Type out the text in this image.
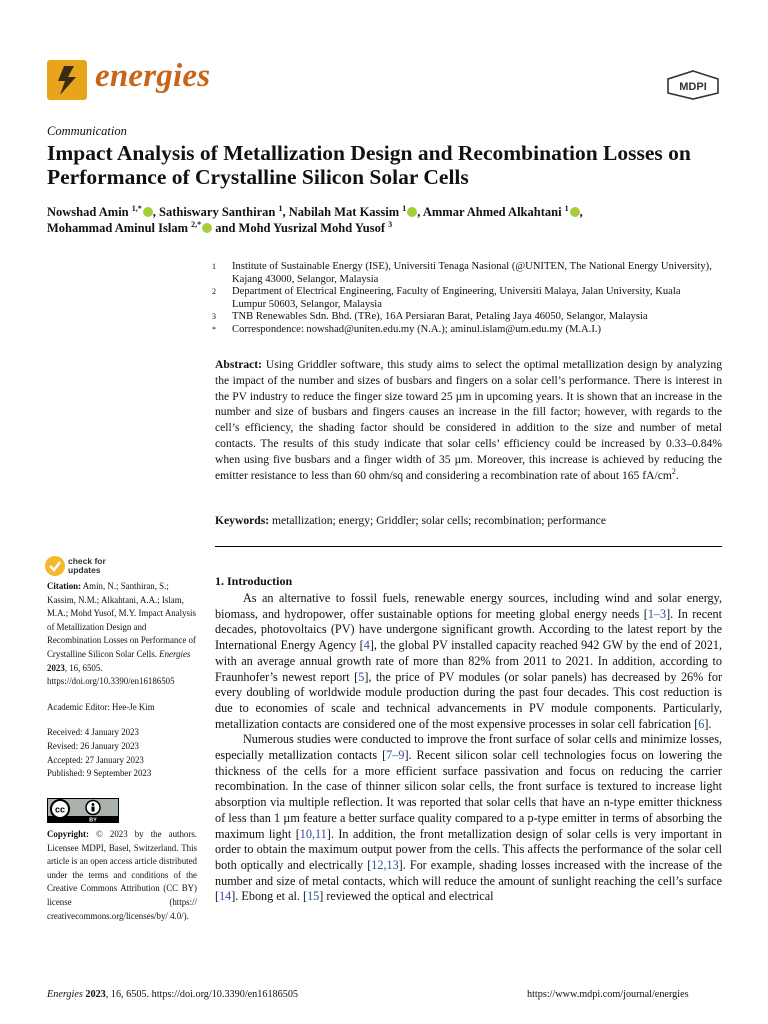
energies	MDPI
Communication
Impact Analysis of Metallization Design and Recombination Losses on Performance of Crystalline Silicon Solar Cells
Nowshad Amin $^{1,*}$ , Sathiswary Santhiran $^1$, Nabilah Mat Kassim $^1$ , Ammar Ahmed Alkahtani $^1$ ,
Mohammad Aminul Islam $^{2,*}$ and Mohd Yusrizal Mohd Yusof $^3$
1	Institute of Sustainable Energy (ISE), Universiti Tenaga Nasional (@UNITEN, The National Energy University), Kajang 43000, Selangor, Malaysia
2	Department of Electrical Engineering, Faculty of Engineering, Universiti Malaya, Jalan University, Kuala Lumpur 50603, Selangor, Malaysia
3	TNB Renewables Sdn. Bhd. (TRe), 16A Persiaran Barat, Petaling Jaya 46050, Selangor, Malaysia
*	Correspondence: nowshad@uniten.edu.my (N.A.); aminul.islam@um.edu.my (M.A.I.)
Abstract: Using Griddler software, this study aims to select the optimal metallization design by analyzing the impact of the number and sizes of busbars and fingers on a solar cell’s performance. There is interest in the PV industry to reduce the finger size toward 25 µm in upcoming years. It is shown that an increase in the number and size of busbars and fingers causes an increase in the fill factor; however, with regards to the cell’s efficiency, the shading factor should be considered in addition to the size and number of metal contacts. The results of this study indicate that solar cells’ efficiency could be increased by 0.33–0.84% when using five busbars and a finger width of 35 µm. Moreover, this increase is achieved by reducing the emitter resistance to less than 60 ohm/sq and considering a recombination rate of about 165 $fA/cm^2$.
Keywords: metallization; energy; Griddler; solar cells; recombination; performance
check for
updates
Citation: Amin, N.; Santhiran, S.; Kassim, N.M.; Alkahtani, A.A.; Islam, M.A.; Mohd Yusof, M.Y. Impact Analysis of Metallization Design and Recombination Losses on Performance of Crystalline Silicon Solar Cells. Energies 2023, 16, 6505. https://doi.org/10.3390/en16186505
Academic Editor: Hee-Je Kim
Received: 4 January 2023
Revised: 26 January 2023
Accepted: 27 January 2023
Published: 9 September 2023
cc
BY
Copyright: © 2023 by the authors. Licensee MDPI, Basel, Switzerland. This article is an open access article distributed under the terms and conditions of the Creative Commons Attribution (CC BY) license (https:// creativecommons.org/licenses/by/ 4.0/).
1. Introduction

As an alternative to fossil fuels, renewable energy sources, including wind and solar energy, biomass, and hydropower, offer sustainable options for meeting global energy needs [1–3]. In recent decades, photovoltaics (PV) have undergone significant growth. According to the latest report by the International Energy Agency [4], the global PV installed capacity reached 942 GW by the end of 2021, with an average annual growth rate of more than 82% from 2011 to 2021. In addition, according to Fraunhofer’s newest report [5], the price of PV modules (or solar panels) has decreased by 26% for every doubling of worldwide module production during the past four decades. This cost reduction is due to economies of scale and technical advancements in PV module components. Particularly, metallization contacts are considered one of the most expensive processes in solar cell fabrication [6].

Numerous studies were conducted to improve the front surface of solar cells and minimize losses, especially metallization contacts [7–9]. Recent silicon solar cell technologies focus on lowering the thickness of the cells for a more efficient surface passivation and focus on reducing the carrier recombination. In the case of thinner silicon solar cells, the front surface is textured to increase light absorption via multiple reflection. It was reported that solar cells that have an n-type emitter thickness of less than 1 µm feature a better surface quality compared to a p-type emitter in terms of absorbing the maximum light [10,11]. In addition, the front metallization design of solar cells is very important in order to obtain the maximum output power from the cells. This affects the performance of the solar cell both optically and electrically [12,13]. For example, shading losses increased with the increase of the number and size of metal contacts, which will reduce the amount of sunlight reaching the cell’s surface [14]. Ebong et al. [15] reviewed the optical and electrical

Energies 2023, 16, 6505. https://doi.org/10.3390/en16186505	https://www.mdpi.com/journal/energies
